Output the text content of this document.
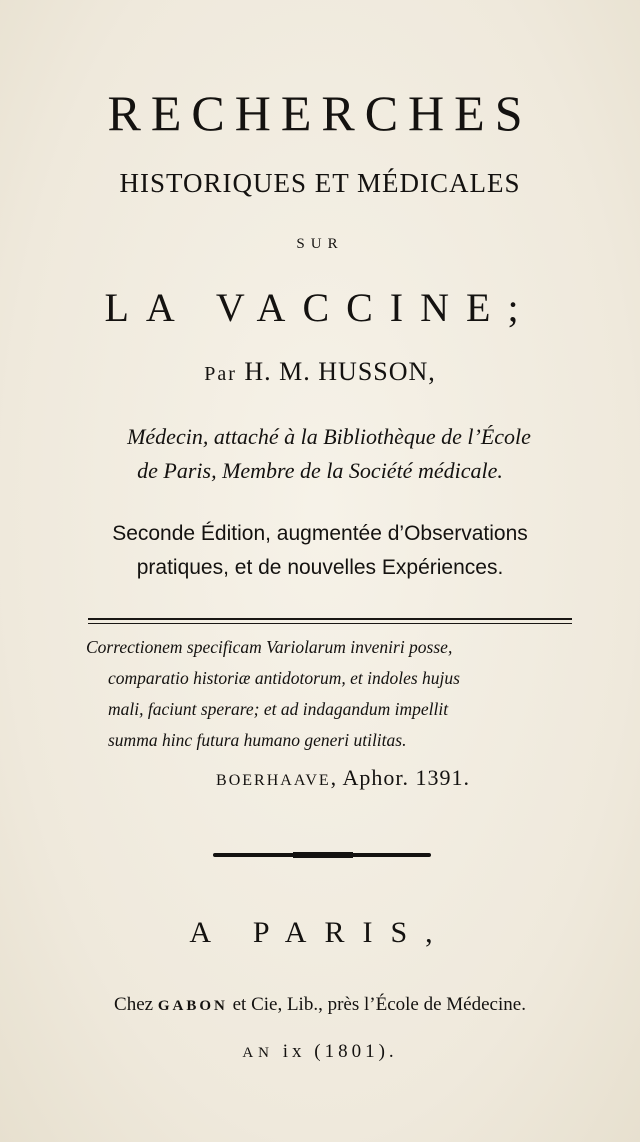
RECHERCHES
HISTORIQUES ET MÉDICALES
SUR
LA VACCINE;
Par H. M. HUSSON,
Médecin, attaché à la Bibliothèque de l’École
de Paris, Membre de la Société médicale.
Seconde Édition, augmentée d’Observations
pratiques, et de nouvelles Expériences.
Correctionem specificam Variolarum inveniri posse,
comparatio historiæ antidotorum, et indoles hujus
mali, faciunt sperare; et ad indagandum impellit
summa hinc futura humano generi utilitas.
BOERHAAVE, Aphor. 1391.
A PARIS,
Chez GABON et Cie, Lib., près l’École de Médecine.
AN ix (1801).
